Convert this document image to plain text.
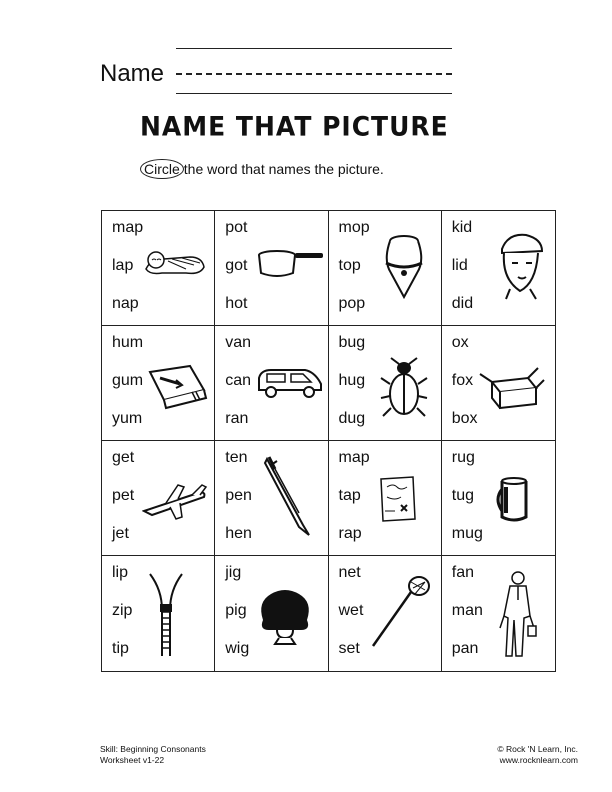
Name
NAME THAT PICTURE
Circle the word that names the picture.
map
lap
nap
pot
got
hot
mop
top
pop
kid
lid
did
hum
gum
yum
van
can
ran
bug
hug
dug
ox
fox
box
get
pet
jet
ten
pen
hen
map
tap
rap
rug
tug
mug
lip
zip
tip
jig
pig
wig
net
wet
set
fan
man
pan
Skill: Beginning Consonants
Worksheet v1-22
© Rock 'N Learn, Inc.
www.rocknlearn.com
